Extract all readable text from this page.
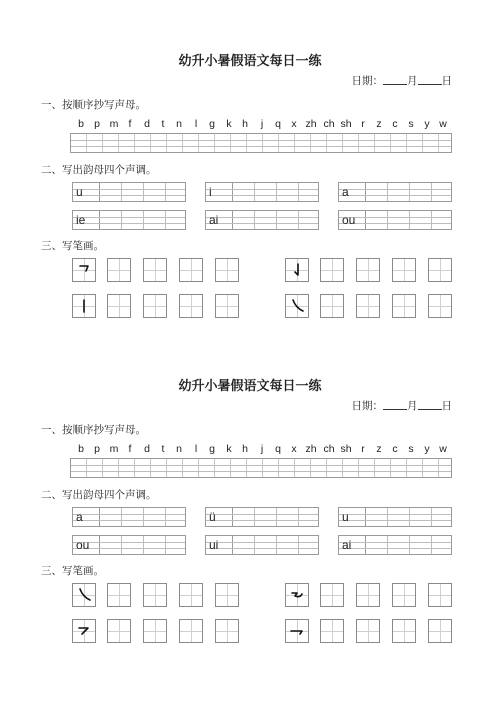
幼升小暑假语文每日一练
日期： 月 日
一、按顺序抄写声母。
b p m f d t n l g k h j q x zh ch sh r z c s y w
二、写出韵母四个声调。
u	i	a
ie	ai	ou
三、写笔画。
幼升小暑假语文每日一练
日期： 月 日
一、按顺序抄写声母。
b p m f d t n l g k h j q x zh ch sh r z c s y w
二、写出韵母四个声调。
a	ü	u
ou	ui	ai
三、写笔画。
